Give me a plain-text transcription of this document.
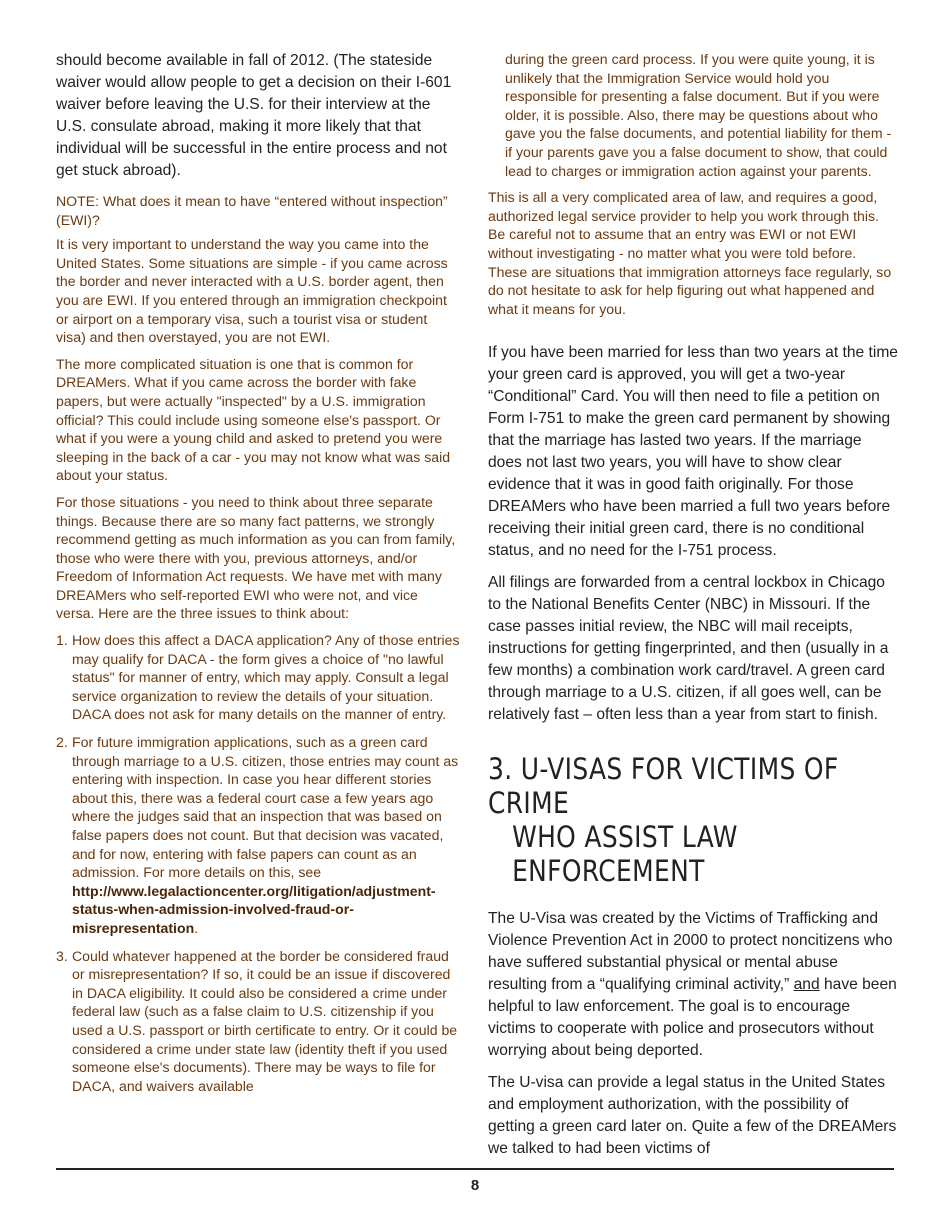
should become available in fall of 2012. (The stateside waiver would allow people to get a decision on their I-601 waiver before leaving the U.S. for their interview at the U.S. consulate abroad, making it more likely that that individual will be successful in the entire process and not get stuck abroad).

NOTE: What does it mean to have “entered without inspection” (EWI)?

It is very important to understand the way you came into the United States. Some situations are simple - if you came across the border and never interacted with a U.S. border agent, then you are EWI. If you entered through an immigration checkpoint or airport on a temporary visa, such a tourist visa or student visa) and then overstayed, you are not EWI.

The more complicated situation is one that is common for DREAMers. What if you came across the border with fake papers, but were actually "inspected" by a U.S. immigration official? This could include using someone else's passport. Or what if you were a young child and asked to pretend you were sleeping in the back of a car - you may not know what was said about your status.

For those situations - you need to think about three separate things. Because there are so many fact patterns, we strongly recommend getting as much information as you can from family, those who were there with you, previous attorneys, and/or Freedom of Information Act requests. We have met with many DREAMers who self-reported EWI who were not, and vice versa. Here are the three issues to think about:

1. How does this affect a DACA application? Any of those entries may qualify for DACA - the form gives a choice of "no lawful status" for manner of entry, which may apply. Consult a legal service organization to review the details of your situation. DACA does not ask for many details on the manner of entry.
2. For future immigration applications, such as a green card through marriage to a U.S. citizen, those entries may count as entering with inspection. In case you hear different stories about this, there was a federal court case a few years ago where the judges said that an inspection that was based on false papers does not count. But that decision was vacated, and for now, entering with false papers can count as an admission. For more details on this, see http://www.legalactioncenter.org/litigation/adjustment-status-when-admission-involved-fraud-or-misrepresentation.
3. Could whatever happened at the border be considered fraud or misrepresentation? If so, it could be an issue if discovered in DACA eligibility. It could also be considered a crime under federal law (such as a false claim to U.S. citizenship if you used a U.S. passport or birth certificate to entry. Or it could be considered a crime under state law (identity theft if you used someone else's documents). There may be ways to file for DACA, and waivers available

during the green card process. If you were quite young, it is unlikely that the Immigration Service would hold you responsible for presenting a false document. But if you were older, it is possible. Also, there may be questions about who gave you the false documents, and potential liability for them - if your parents gave you a false document to show, that could lead to charges or immigration action against your parents.

This is all a very complicated area of law, and requires a good, authorized legal service provider to help you work through this. Be careful not to assume that an entry was EWI or not EWI without investigating - no matter what you were told before. These are situations that immigration attorneys face regularly, so do not hesitate to ask for help figuring out what happened and what it means for you.

If you have been married for less than two years at the time your green card is approved, you will get a two-year “Conditional” Card. You will then need to file a petition on Form I-751 to make the green card permanent by showing that the marriage has lasted two years. If the marriage does not last two years, you will have to show clear evidence that it was in good faith originally. For those DREAMers who have been married a full two years before receiving their initial green card, there is no conditional status, and no need for the I-751 process.

All filings are forwarded from a central lockbox in Chicago to the National Benefits Center (NBC) in Missouri. If the case passes initial review, the NBC will mail receipts, instructions for getting fingerprinted, and then (usually in a few months) a combination work card/travel. A green card through marriage to a U.S. citizen, if all goes well, can be relatively fast – often less than a year from start to finish.

3. U-VISAS FOR VICTIMS OF CRIME
WHO ASSIST LAW ENFORCEMENT

The U-Visa was created by the Victims of Trafficking and Violence Prevention Act in 2000 to protect noncitizens who have suffered substantial physical or mental abuse resulting from a “qualifying criminal activity,” and have been helpful to law enforcement. The goal is to encourage victims to cooperate with police and prosecutors without worrying about being deported.

The U-visa can provide a legal status in the United States and employment authorization, with the possibility of getting a green card later on. Quite a few of the DREAMers we talked to had been victims of

8
